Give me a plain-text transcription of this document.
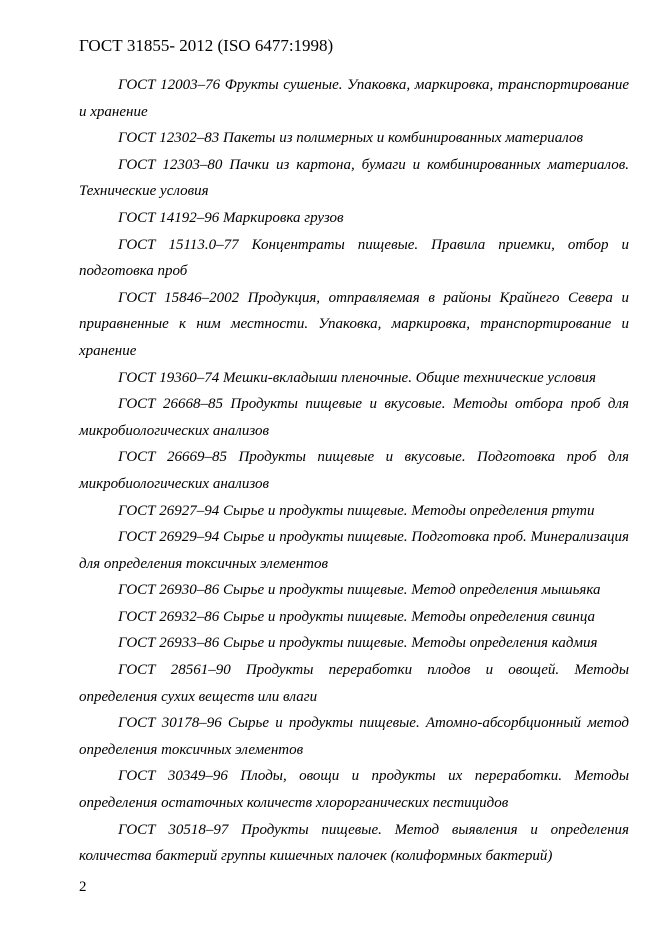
ГОСТ 31855- 2012 (ISO 6477:1998)
ГОСТ 12003–76 Фрукты сушеные. Упаковка, маркировка, транспортирование и хранение
ГОСТ 12302–83 Пакеты из полимерных и комбинированных материалов
ГОСТ 12303–80 Пачки из картона, бумаги и комбинированных материалов. Технические условия
ГОСТ 14192–96 Маркировка грузов
ГОСТ 15113.0–77 Концентраты пищевые. Правила приемки, отбор и подготовка проб
ГОСТ 15846–2002 Продукция, отправляемая в районы Крайнего Севера и приравненные к ним местности. Упаковка, маркировка, транспортирование и хранение
ГОСТ 19360–74 Мешки-вкладыши пленочные. Общие технические условия
ГОСТ 26668–85 Продукты пищевые и вкусовые. Методы отбора проб для микробиологических анализов
ГОСТ 26669–85 Продукты пищевые и вкусовые. Подготовка проб для микробиологических анализов
ГОСТ 26927–94 Сырье и продукты пищевые. Методы определения ртути
ГОСТ 26929–94 Сырье и продукты пищевые. Подготовка проб. Минерализация для определения токсичных элементов
ГОСТ 26930–86 Сырье и продукты пищевые. Метод определения мышьяка
ГОСТ 26932–86 Сырье и продукты пищевые. Методы определения свинца
ГОСТ 26933–86 Сырье и продукты пищевые. Методы определения кадмия
ГОСТ 28561–90 Продукты переработки плодов и овощей. Методы определения сухих веществ или влаги
ГОСТ 30178–96 Сырье и продукты пищевые. Атомно-абсорбционный метод определения токсичных элементов
ГОСТ 30349–96 Плоды, овощи и продукты их переработки. Методы определения остаточных количеств хлорорганических пестицидов
ГОСТ 30518–97 Продукты пищевые. Метод выявления и определения количества бактерий группы кишечных палочек (колиформных бактерий)
2
